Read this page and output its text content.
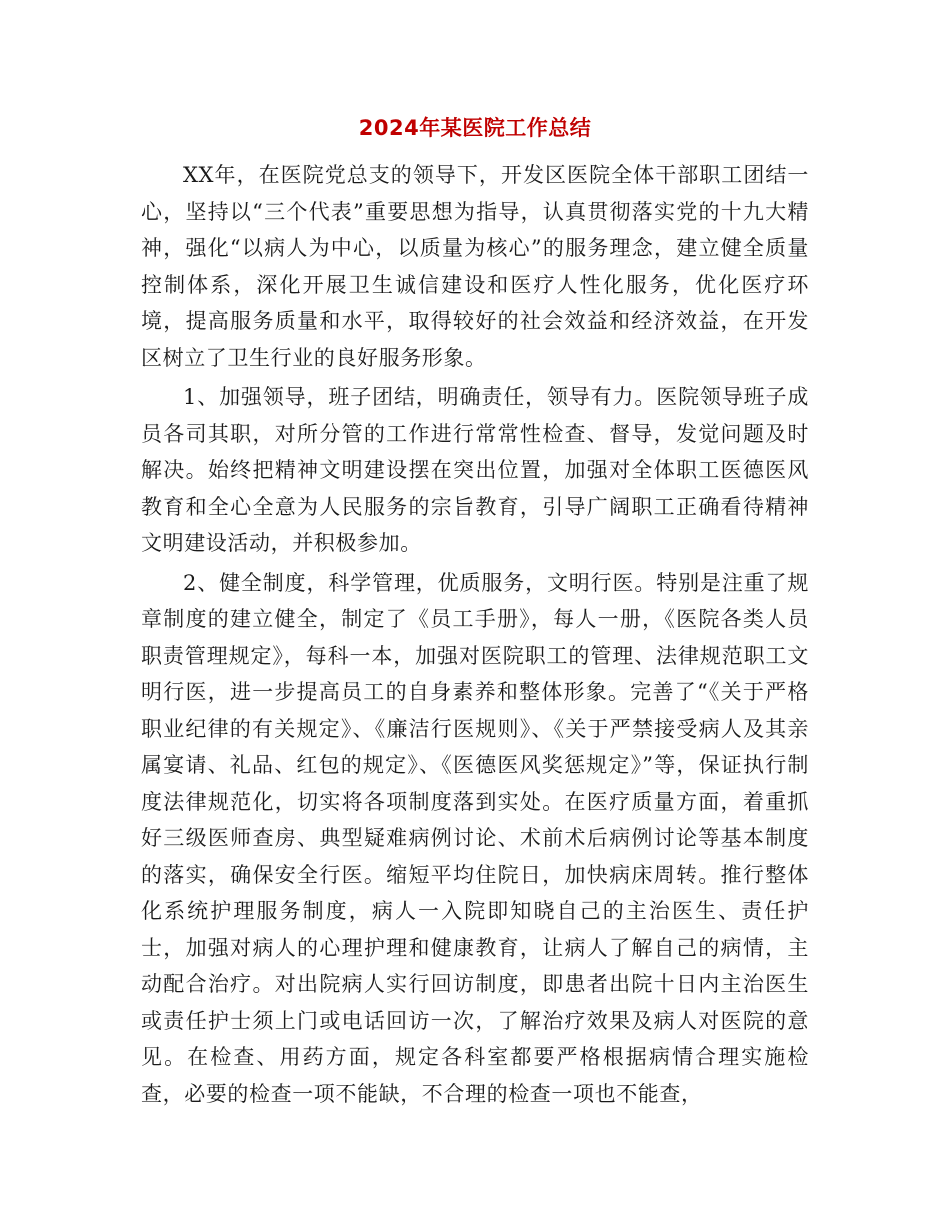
2024年某医院工作总结

XX年，在医院党总支的领导下，开发区医院全体干部职工团结一心，坚持以“三个代表”重要思想为指导，认真贯彻落实党的十九大精神，强化“以病人为中心，以质量为核心”的服务理念，建立健全质量控制体系，深化开展卫生诚信建设和医疗人性化服务，优化医疗环境，提高服务质量和水平，取得较好的社会效益和经济效益，在开发区树立了卫生行业的良好服务形象。

1、加强领导，班子团结，明确责任，领导有力。医院领导班子成员各司其职，对所分管的工作进行常常性检查、督导，发觉问题及时解决。始终把精神文明建设摆在突出位置，加强对全体职工医德医风教育和全心全意为人民服务的宗旨教育，引导广阔职工正确看待精神文明建设活动，并积极参加。

2、健全制度，科学管理，优质服务，文明行医。特别是注重了规章制度的建立健全，制定了《员工手册》，每人一册，《医院各类人员职责管理规定》，每科一本，加强对医院职工的管理、法律规范职工文明行医，进一步提高员工的自身素养和整体形象。完善了“《关于严格职业纪律的有关规定》、《廉洁行医规则》、《关于严禁接受病人及其亲属宴请、礼品、红包的规定》、《医德医风奖惩规定》”等，保证执行制度法律规范化，切实将各项制度落到实处。在医疗质量方面，着重抓好三级医师查房、典型疑难病例讨论、术前术后病例讨论等基本制度的落实，确保安全行医。缩短平均住院日，加快病床周转。推行整体化系统护理服务制度，病人一入院即知晓自己的主治医生、责任护士，加强对病人的心理护理和健康教育，让病人了解自己的病情，主动配合治疗。对出院病人实行回访制度，即患者出院十日内主治医生或责任护士须上门或电话回访一次，了解治疗效果及病人对医院的意见。在检查、用药方面，规定各科室都要严格根据病情合理实施检查，必要的检查一项不能缺，不合理的检查一项也不能查，
